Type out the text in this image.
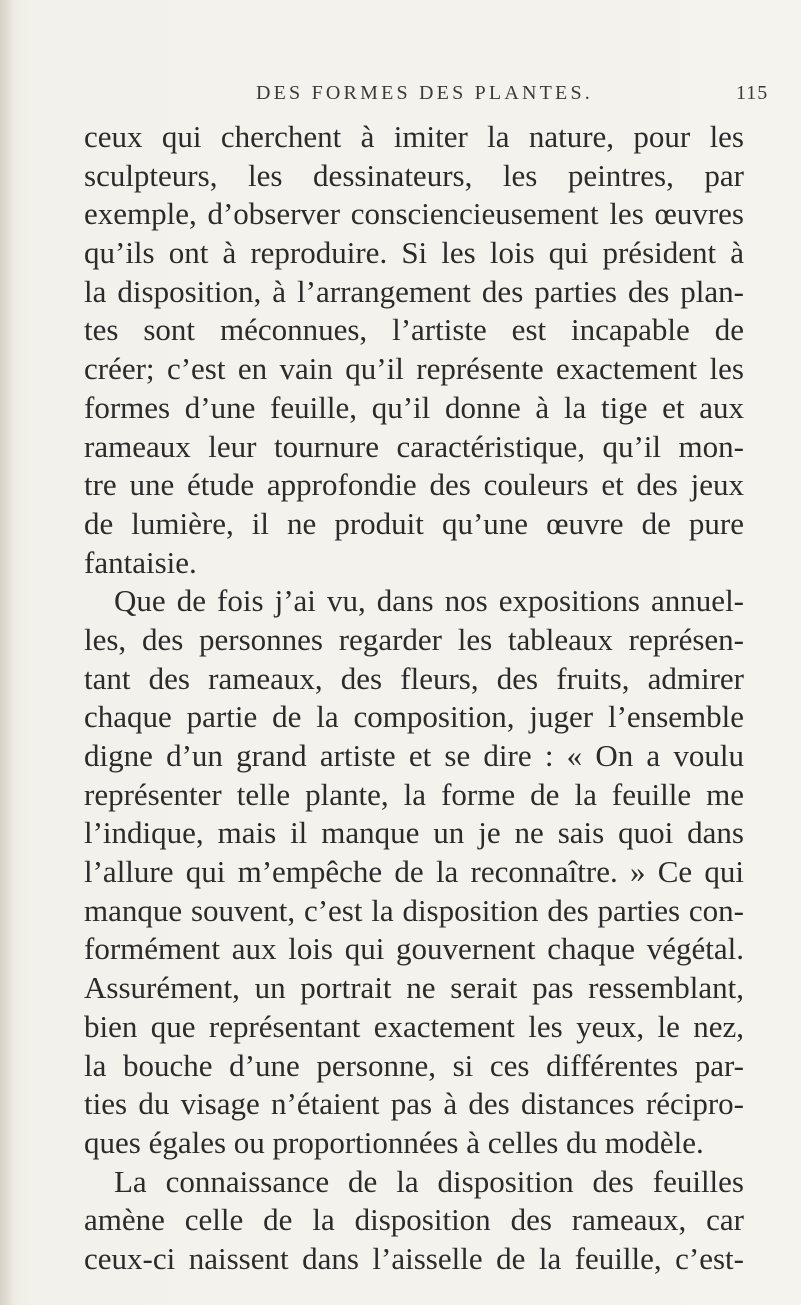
DES FORMES DES PLANTES.	115
ceux qui cherchent à imiter la nature, pour les
sculpteurs, les dessinateurs, les peintres, par
exemple, d’observer consciencieusement les œuvres
qu’ils ont à reproduire. Si les lois qui président à
la disposition, à l’arrangement des parties des plan-
tes sont méconnues, l’artiste est incapable de
créer; c’est en vain qu’il représente exactement les
formes d’une feuille, qu’il donne à la tige et aux
rameaux leur tournure caractéristique, qu’il mon-
tre une étude approfondie des couleurs et des jeux
de lumière, il ne produit qu’une œuvre de pure
fantaisie.
Que de fois j’ai vu, dans nos expositions annuel-
les, des personnes regarder les tableaux représen-
tant des rameaux, des fleurs, des fruits, admirer
chaque partie de la composition, juger l’ensemble
digne d’un grand artiste et se dire : « On a voulu
représenter telle plante, la forme de la feuille me
l’indique, mais il manque un je ne sais quoi dans
l’allure qui m’empêche de la reconnaître. » Ce qui
manque souvent, c’est la disposition des parties con-
formément aux lois qui gouvernent chaque végétal.
Assurément, un portrait ne serait pas ressemblant,
bien que représentant exactement les yeux, le nez,
la bouche d’une personne, si ces différentes par-
ties du visage n’étaient pas à des distances récipro-
ques égales ou proportionnées à celles du modèle.
La connaissance de la disposition des feuilles
amène celle de la disposition des rameaux, car
ceux-ci naissent dans l’aisselle de la feuille, c’est-
